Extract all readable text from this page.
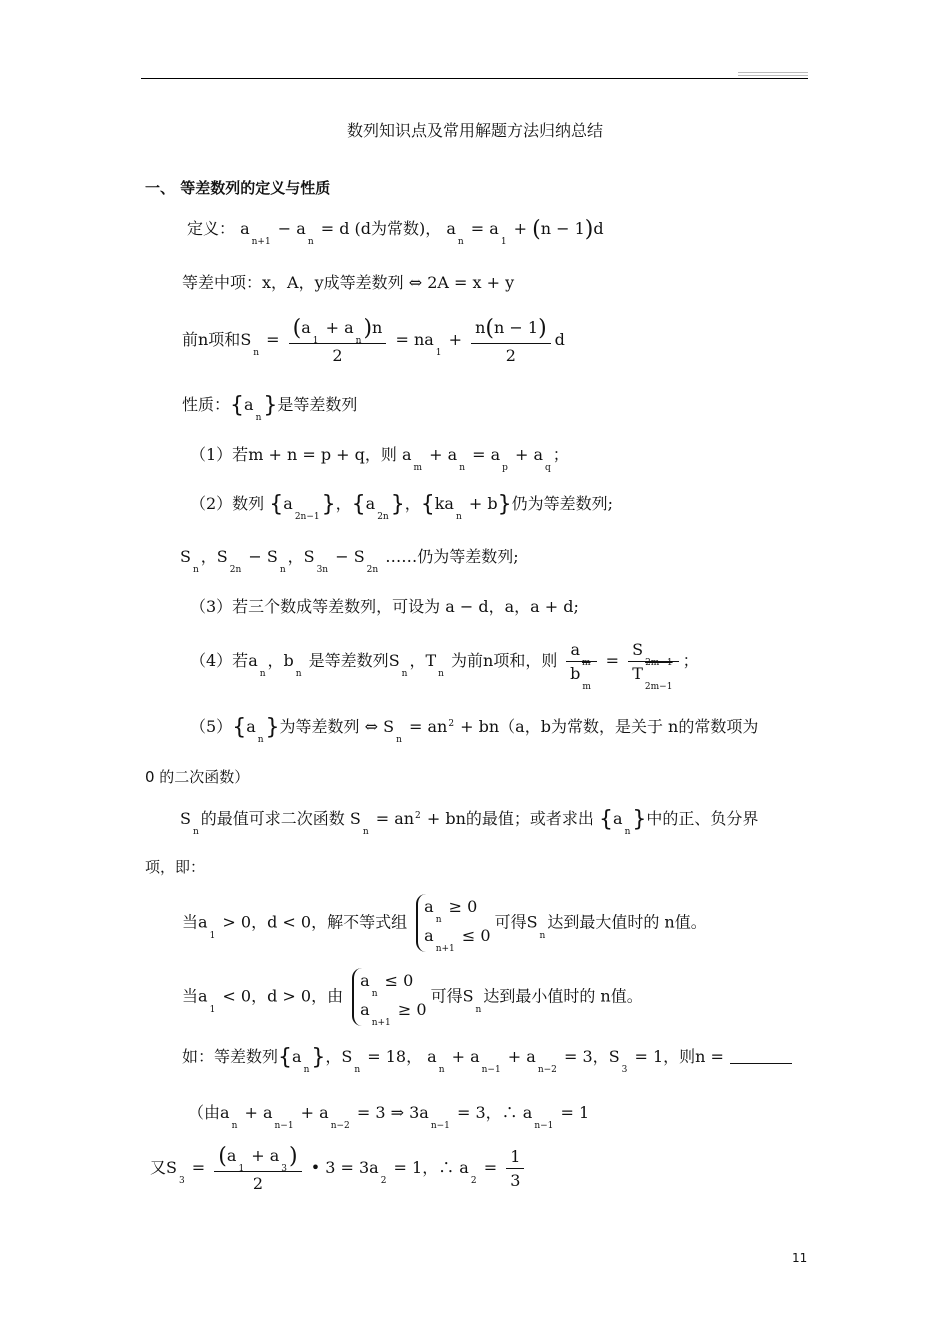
数列知识点及常用解题方法归纳总结
一、 等差数列的定义与性质
定义： $a_{n+1} - a_n = d$ (d为常数)， $a_n = a_1 + (n - 1)d$
等差中项：x，A，y成等差数列 ⇔ 2A = x + y
前n项和$S_n = \frac{(a_1 + a_n)n}{2} = na_1 + \frac{n(n - 1)}{2}$ d
性质：$\{a_n\}$是等差数列
（1）若m + n = p + q，则 $a_m + a_n = a_p + a_q$；
（2）数列 $\{a_{2n-1}\}$，$\{a_{2n}\}$，$\{ka_n + b\}$仍为等差数列;
$S_n$，$S_{2n} - S_n$，$S_{3n} - S_{2n}$ ……仍为等差数列;
（3）若三个数成等差数列，可设为 a − d，a，a + d;
（4）若$a_n$，$b_n$ 是等差数列$S_n$，$T_n$ 为前n项和，则 $\frac{a_m}{b_m} = \frac{S_{2m-1}}{T_{2m-1}}$ ；
$(5)\{a_n\}$为等差数列 ⇔ $S_n = an^2 + bn(a$，b为常数，是关于 n的常数项为
0 的二次函数）
$S_n$的最值可求二次函数 $S_n = an^2$ + bn的最值；或者求出 $\{a_n\}$中的正、负分界
项，即：
当$a_1 > 0$，d < 0，解不等式组 $a_n \ge 0$
$a_{n+1} \le 0$可得$S_n$达到最大值时的 n值。
当$a_1 < 0$，d > 0，由 $a_n \le 0$
$a_{n+1} \ge 0$可得$S_n$达到最小值时的 n值。
如：等差数列$\{a_n\}$，$S_n = 18$， $a_n + a_{n-1} + a_{n-2} = 3$，$S_3 = 1$，则n =
（由$a_n + a_{n-1} + a_{n-2} = 3$ ⇒ $3a_{n-1} = 3$，∴ $a_{n-1} = 1$
又$S_3 = \frac{(a_1 + a_3)}{2}$ • $3 = 3a_2 = 1$，∴ $a_2 = \frac{1}{3}$
11
